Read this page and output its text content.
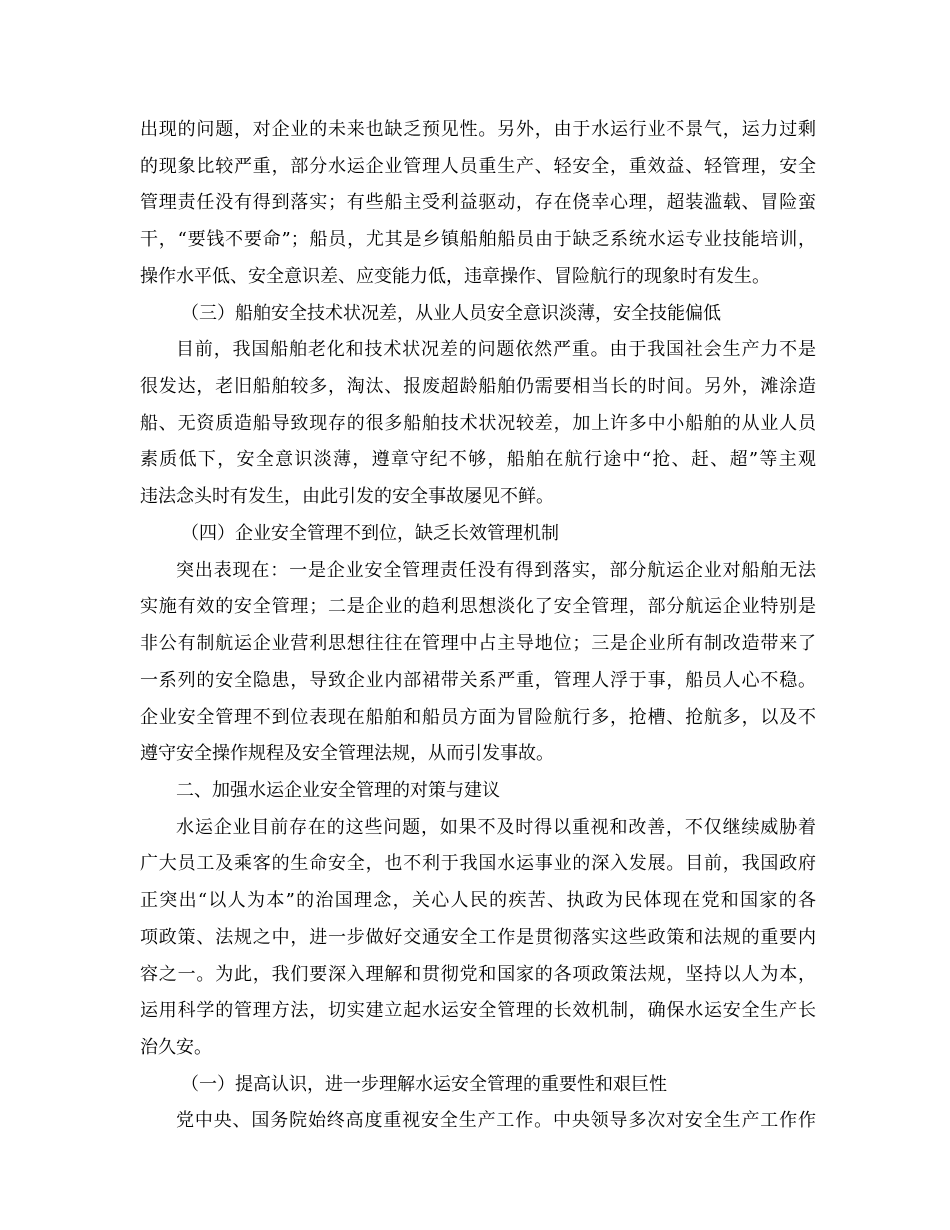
出现的问题，对企业的未来也缺乏预见性。另外，由于水运行业不景气，运力过剩
的现象比较严重，部分水运企业管理人员重生产、轻安全，重效益、轻管理，安全
管理责任没有得到落实；有些船主受利益驱动，存在侥幸心理，超装滥载、冒险蛮
干，“要钱不要命”；船员，尤其是乡镇船舶船员由于缺乏系统水运专业技能培训，
操作水平低、安全意识差、应变能力低，违章操作、冒险航行的现象时有发生。
（三）船舶安全技术状况差，从业人员安全意识淡薄，安全技能偏低
目前，我国船舶老化和技术状况差的问题依然严重。由于我国社会生产力不是
很发达，老旧船舶较多，淘汰、报废超龄船舶仍需要相当长的时间。另外，滩涂造
船、无资质造船导致现存的很多船舶技术状况较差，加上许多中小船舶的从业人员
素质低下，安全意识淡薄，遵章守纪不够，船舶在航行途中“抢、赶、超”等主观
违法念头时有发生，由此引发的安全事故屡见不鲜。
（四）企业安全管理不到位，缺乏长效管理机制
突出表现在：一是企业安全管理责任没有得到落实，部分航运企业对船舶无法
实施有效的安全管理；二是企业的趋利思想淡化了安全管理，部分航运企业特别是
非公有制航运企业营利思想往往在管理中占主导地位；三是企业所有制改造带来了
一系列的安全隐患，导致企业内部裙带关系严重，管理人浮于事，船员人心不稳。
企业安全管理不到位表现在船舶和船员方面为冒险航行多，抢槽、抢航多，以及不
遵守安全操作规程及安全管理法规，从而引发事故。
二、加强水运企业安全管理的对策与建议
水运企业目前存在的这些问题，如果不及时得以重视和改善，不仅继续威胁着
广大员工及乘客的生命安全，也不利于我国水运事业的深入发展。目前，我国政府
正突出“以人为本”的治国理念，关心人民的疾苦、执政为民体现在党和国家的各
项政策、法规之中，进一步做好交通安全工作是贯彻落实这些政策和法规的重要内
容之一。为此，我们要深入理解和贯彻党和国家的各项政策法规，坚持以人为本，
运用科学的管理方法，切实建立起水运安全管理的长效机制，确保水运安全生产长
治久安。
（一）提高认识，进一步理解水运安全管理的重要性和艰巨性
党中央、国务院始终高度重视安全生产工作。中央领导多次对安全生产工作作
